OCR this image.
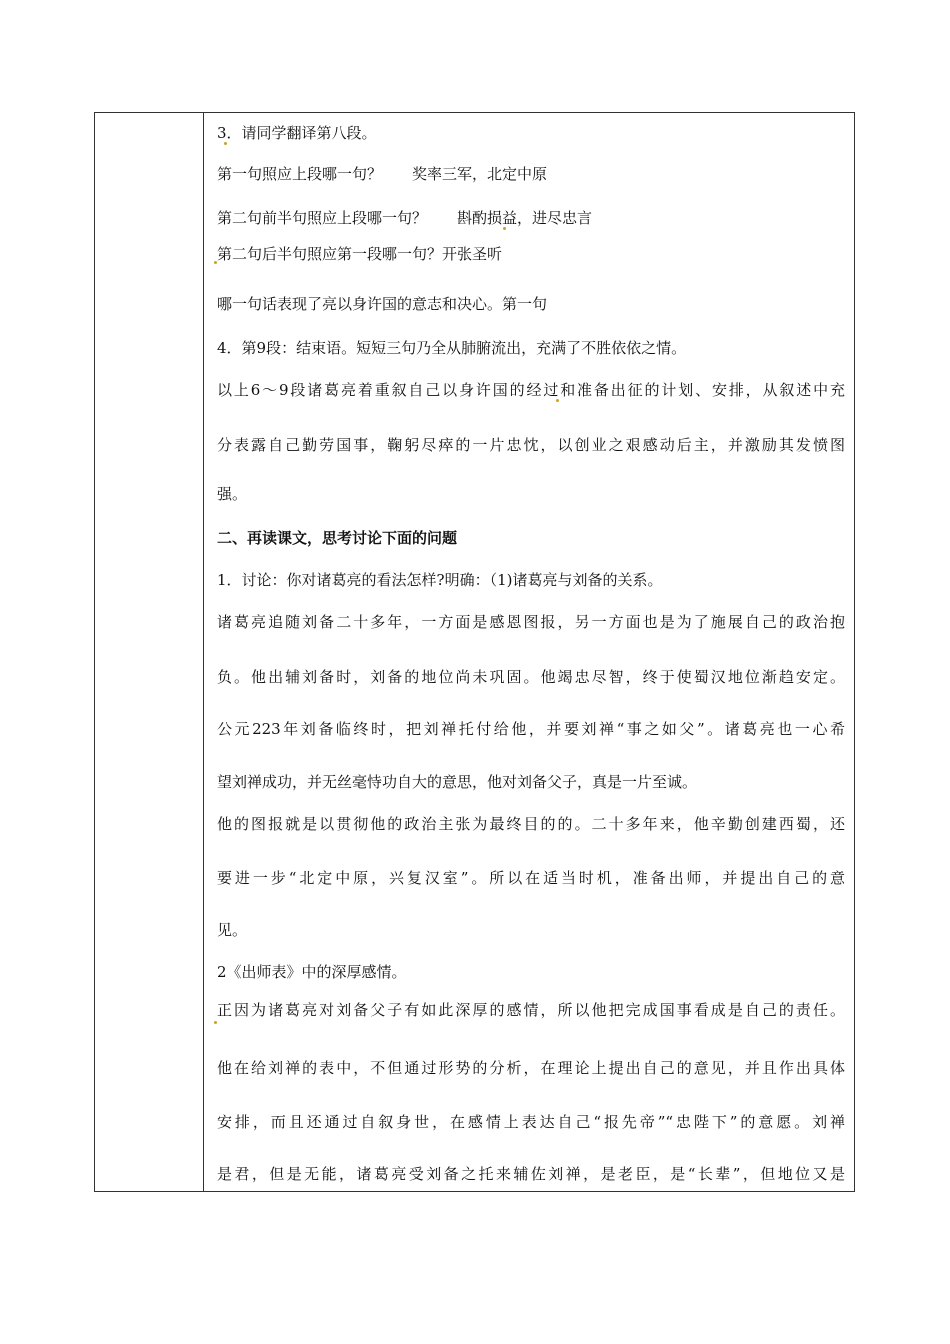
3．请同学翻译第八段。
第一句照应上段哪一句？　　奖率三军，北定中原
第二句前半句照应上段哪一句？　　斟酌损益，进尽忠言
第二句后半句照应第一段哪一句？开张圣听
哪一句话表现了亮以身许国的意志和决心。第一句
4．第9段：结束语。短短三句乃全从肺腑流出，充满了不胜依依之情。
以上6～9段诸葛亮着重叙自己以身许国的经过和准备出征的计划、安排，从叙述中充
分表露自己勤劳国事，鞠躬尽瘁的一片忠忱，以创业之艰感动后主，并激励其发愤图
强。
二、再读课文，思考讨论下面的问题
1．讨论：你对诸葛亮的看法怎样?明确：（1)诸葛亮与刘备的关系。
诸葛亮追随刘备二十多年，一方面是感恩图报，另一方面也是为了施展自己的政治抱
负。他出辅刘备时，刘备的地位尚未巩固。他竭忠尽智，终于使蜀汉地位渐趋安定。
公元223年刘备临终时，把刘禅托付给他，并要刘禅“事之如父”。诸葛亮也一心希
望刘禅成功，并无丝毫恃功自大的意思，他对刘备父子，真是一片至诚。
他的图报就是以贯彻他的政治主张为最终目的的。二十多年来，他辛勤创建西蜀，还
要进一步“北定中原，兴复汉室”。所以在适当时机，准备出师，并提出自己的意
见。
2《出师表》中的深厚感情。
正因为诸葛亮对刘备父子有如此深厚的感情，所以他把完成国事看成是自己的责任。
他在给刘禅的表中，不但通过形势的分析，在理论上提出自己的意见，并且作出具体
安排，而且还通过自叙身世，在感情上表达自己“报先帝”“忠陛下”的意愿。刘禅
是君，但是无能，诸葛亮受刘备之托来辅佐刘禅，是老臣，是“长辈”，但地位又是
